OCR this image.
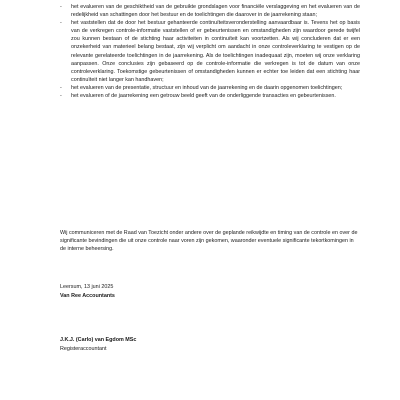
- het evalueren van de geschiktheid van de gebruikte grondslagen voor financiële verslaggeving en het evalueren van de redelijkheid van schattingen door het bestuur en de toelichtingen die daarover in de jaarrekening staan;
- het vaststellen dat de door het bestuur gehanteerde continuïteitsveronderstelling aanvaardbaar is. Tevens het op basis van de verkregen controle-informatie vaststellen of er gebeurtenissen en omstandigheden zijn waardoor gerede twijfel zou kunnen bestaan of de stichting haar activiteiten in continuïteit kan voortzetten. Als wij concluderen dat er een onzekerheid van materieel belang bestaat, zijn wij verplicht om aandacht in onze controleverklaring te vestigen op de relevante gerelateerde toelichtingen in de jaarrekening. Als de toelichtingen inadequaat zijn, moeten wij onze verklaring aanpassen. Onze conclusies zijn gebaseerd op de controle-informatie die verkregen is tot de datum van onze controleverklaring. Toekomstige gebeurtenissen of omstandigheden kunnen er echter toe leiden dat een stichting haar continuïteit niet langer kan handhaven;
- het evalueren van de presentatie, structuur en inhoud van de jaarrekening en de daarin opgenomen toelichtingen;
- het evalueren of de jaarrekening een getrouw beeld geeft van de onderliggende transacties en gebeurtenissen.
Wij communiceren met de Raad van Toezicht onder andere over de geplande reikwijdte en timing van de controle en over de significante bevindingen die uit onze controle naar voren zijn gekomen, waaronder eventuele significante tekortkomingen in de interne beheersing.
Leersum, 13 juni 2025
Van Ree Accountants
J.K.J. (Carlo) van Egdom MSc
Registeraccountant
